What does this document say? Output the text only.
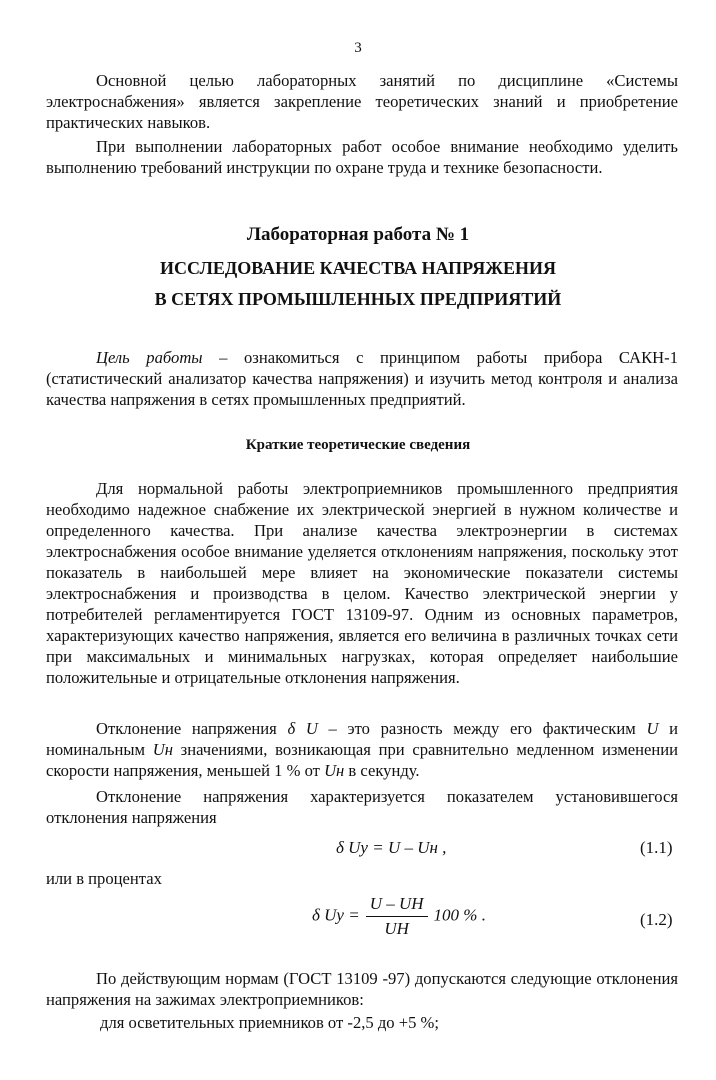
3

Основной целью лабораторных занятий по дисциплине «Системы электроснабжения» является закрепление теоретических знаний и приобретение практических навыков.

При выполнении лабораторных работ особое внимание необходимо уделить выполнению требований инструкции по охране труда и технике безопасности.

Лабораторная работа № 1

ИССЛЕДОВАНИЕ КАЧЕСТВА НАПРЯЖЕНИЯ

В СЕТЯХ ПРОМЫШЛЕННЫХ ПРЕДПРИЯТИЙ

Цель работы – ознакомиться с принципом работы прибора САКН-1 (статистический анализатор качества напряжения) и изучить метод контроля и анализа качества напряжения в сетях промышленных предприятий.

Краткие теоретические сведения

Для нормальной работы электроприемников промышленного предприятия необходимо надежное снабжение их электрической энергией в нужном количестве и определенного качества. При анализе качества электроэнергии в системах электроснабжения особое внимание уделяется отклонениям напряжения, поскольку этот показатель в наибольшей мере влияет на экономические показатели системы электроснабжения и производства в целом. Качество электрической энергии у потребителей регламентируется ГОСТ 13109-97. Одним из основных параметров, характеризующих качество напряжения, является его величина в различных точках сети при максимальных и минимальных нагрузках, которая определяет наибольшие положительные и отрицательные отклонения напряжения.

Отклонение напряжения δ U – это разность между его фактическим U и номинальным Uн значениями, возникающая при сравнительно медленном изменении скорости напряжения, меньшей 1 % от Uн в секунду.

Отклонение напряжения характеризуется показателем установившегося отклонения напряжения

δ Uу = U – Uн ,	(1.1)

или в процентах

δ Uу = $\frac{U - UН}{UН} 100$ % .	(1.2)

По действующим нормам (ГОСТ 13109 -97) допускаются следующие отклонения напряжения на зажимах электроприемников:

для осветительных приемников от -2,5 до +5 %;
